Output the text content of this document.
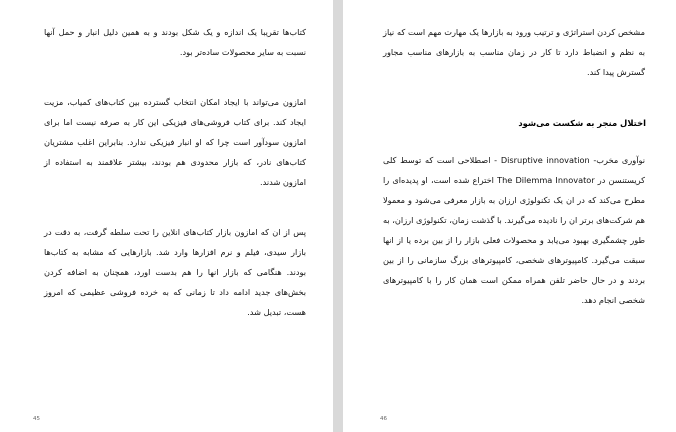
کتاب‌ها تقریبا یک اندازه و یک شکل بودند و به همین دلیل انبار و حمل آنها نسبت به سایر محصولات سادەتر بود.

امازون می‌تواند با ایجاد امکان انتخاب گسترده بین کتاب‌های کمیاب، مزیت ایجاد کند. برای کتاب فروشی‌های فیزیکی این کار به صرفه نیست اما برای امازون سودآور است چرا که او انبار فیزیکی ندارد. بنابراین اغلب مشتریان کتاب‌های نادر، که بازار محدودی هم بودند، بیشتر علاقمند به استفاده از امازون شدند.

پس از ان که امازون بازار کتاب‌های انلاین را تحت سلطه گرفت، به دقت در بازار سیدی، فیلم و نرم افزارها وارد شد. بازارهایی که مشابه به کتاب‌ها بودند. هنگامی که بازار انها را هم بدست اورد، همچنان به اضافه کردن بخش‌های جدید ادامه داد تا زمانی که به خرده فروشی عظیمی که امروز هست، تبدیل شد.

45

مشخص کردن استراتژی و ترتیب ورود به بازارها یک مهارت مهم است که نیاز به نظم و انضباط دارد تا کار در زمان مناسب به بازارهای مناسب مجاور گسترش پیدا کند.

اختلال منجر به شکست می‌شود

نوآوری مخرب- Disruptive innovation - اصطلاحی است که توسط کلی کریستنسن در The Dilemma Innovator اختراع شده است، او پدیده‌ای را مطرح می‌کند که در ان یک تکنولوژی ارزان به بازار معرفی می‌شود و معمولا هم شرکت‌های برتر ان را نادیده می‌گیرند. با گذشت زمان، تکنولوژی ارزان، به طور چشمگیری بهبود می‌یابد و محصولات فعلی بازار را از بین برده یا از انها سبقت می‌گیرد. کامپیوترهای شخصی، کامپیوترهای بزرگ سازمانی را از بین بردند و در حال حاضر تلفن همراه ممکن است همان کار را با کامپیوترهای شخصی انجام دهد.

46
